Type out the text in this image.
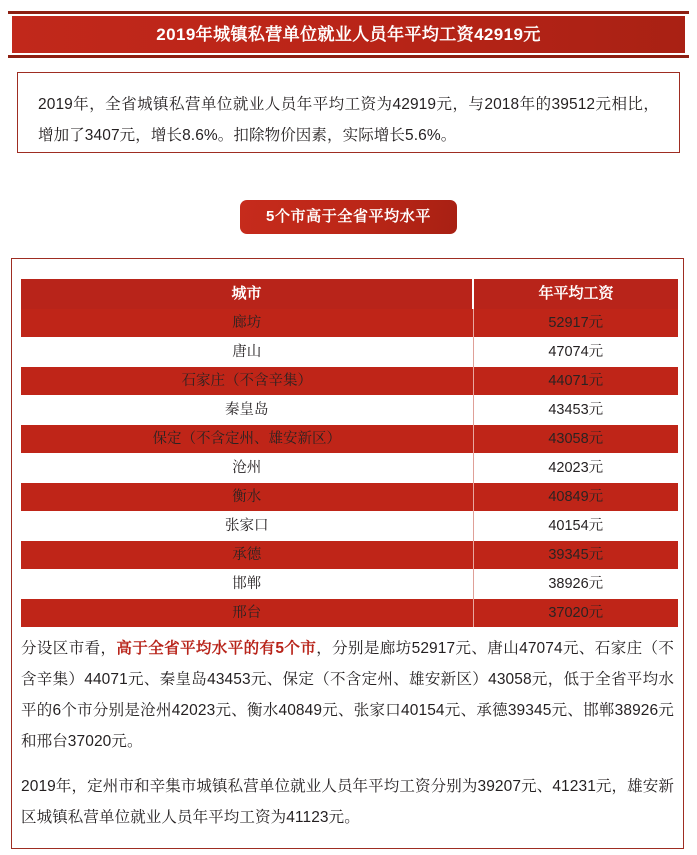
2019年城镇私营单位就业人员年平均工资42919元

2019年，全省城镇私营单位就业人员年平均工资为42919元，与2018年的39512元相比，增加了3407元，增长8.6%。扣除物价因素，实际增长5.6%。

5个市高于全省平均水平
城市	年平均工资
廊坊	52917元
唐山	47074元
石家庄（不含辛集）	44071元
秦皇岛	43453元
保定（不含定州、雄安新区）	43058元
沧州	42023元
衡水	40849元
张家口	40154元
承德	39345元
邯郸	38926元
邢台	37020元

分设区市看，高于全省平均水平的有5个市，分别是廊坊52917元、唐山47074元、石家庄（不含辛集）44071元、秦皇岛43453元、保定（不含定州、雄安新区）43058元，低于全省平均水平的6个市分别是沧州42023元、衡水40849元、张家口40154元、承德39345元、邯郸38926元和邢台37020元。

2019年，定州市和辛集市城镇私营单位就业人员年平均工资分别为39207元、41231元，雄安新区城镇私营单位就业人员年平均工资为41123元。
